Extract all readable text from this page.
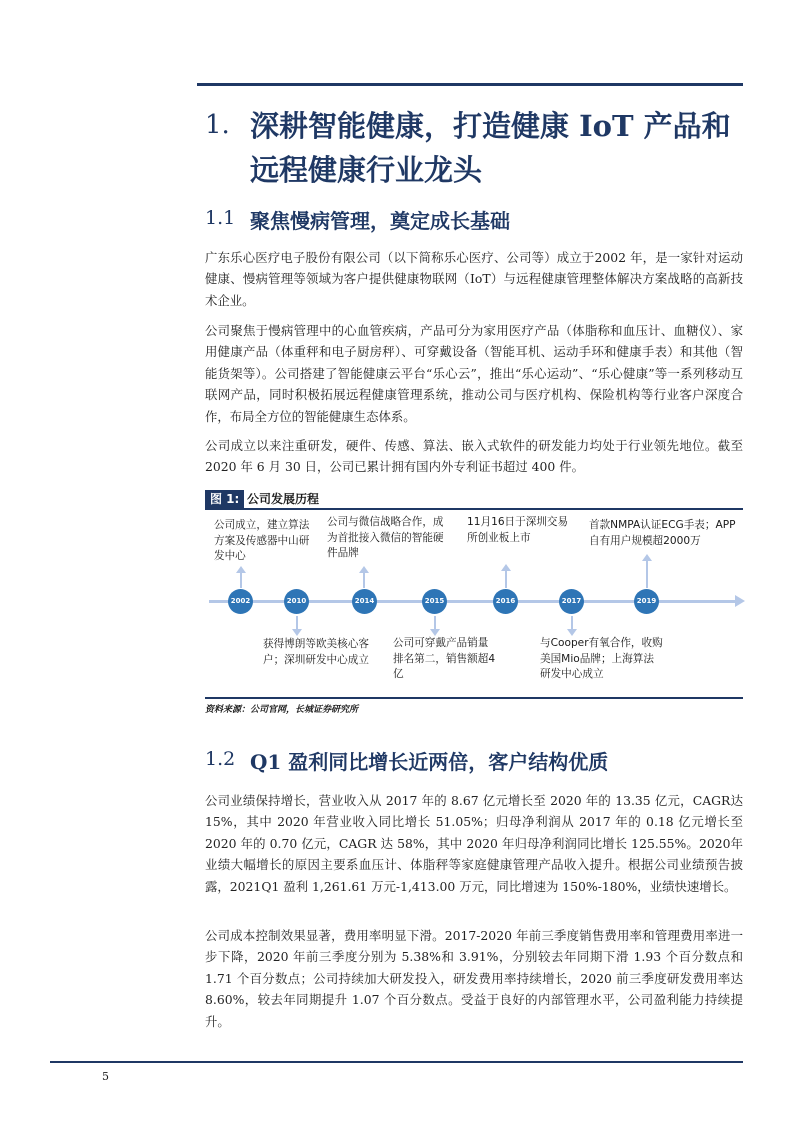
1. 深耕智能健康，打造健康 IoT 产品和远程健康行业龙头
1.1 聚焦慢病管理，奠定成长基础
广东乐心医疗电子股份有限公司（以下简称乐心医疗、公司等）成立于2002 年，是一家针对运动健康、慢病管理等领域为客户提供健康物联网（IoT）与远程健康管理整体解决方案战略的高新技术企业。
公司聚焦于慢病管理中的心血管疾病，产品可分为家用医疗产品（体脂称和血压计、血糖仪）、家用健康产品（体重秤和电子厨房秤）、可穿戴设备（智能耳机、运动手环和健康手表）和其他（智能货架等）。公司搭建了智能健康云平台“乐心云”，推出“乐心运动”、“乐心健康”等一系列移动互联网产品，同时积极拓展远程健康管理系统，推动公司与医疗机构、保险机构等行业客户深度合作，布局全方位的智能健康生态体系。
公司成立以来注重研发，硬件、传感、算法、嵌入式软件的研发能力均处于行业领先地位。截至 2020 年 6 月 30 日，公司已累计拥有国内外专利证书超过 400 件。
图 1: 公司发展历程
2002	2010	2014	2015	2016	2017	2019
公司成立，建立算法方案及传感器中山研发中心
公司与微信战略合作，成为首批接入微信的智能硬件品牌
11月16日于深圳交易所创业板上市
首款NMPA认证ECG手表；APP自有用户规模超2000万
获得博朗等欧美核心客户；深圳研发中心成立
公司可穿戴产品销量排名第二，销售额超4亿
与Cooper有氧合作，收购美国Mio品牌；上海算法研发中心成立
资料来源：公司官网，长城证券研究所
1.2 Q1 盈利同比增长近两倍，客户结构优质
公司业绩保持增长，营业收入从 2017 年的 8.67 亿元增长至 2020 年的 13.35 亿元，CAGR达 15%，其中 2020 年营业收入同比增长 51.05%；归母净利润从 2017 年的 0.18 亿元增长至 2020 年的 0.70 亿元，CAGR 达 58%，其中 2020 年归母净利润同比增长 125.55%。2020年业绩大幅增长的原因主要系血压计、体脂秤等家庭健康管理产品收入提升。根据公司业绩预告披露，2021Q1 盈利 1,261.61 万元-1,413.00 万元，同比增速为 150%-180%，业绩快速增长。
公司成本控制效果显著，费用率明显下滑。2017-2020 年前三季度销售费用率和管理费用率进一步下降，2020 年前三季度分别为 5.38%和 3.91%，分别较去年同期下滑 1.93 个百分数点和 1.71 个百分数点；公司持续加大研发投入，研发费用率持续增长，2020 前三季度研发费用率达 8.60%，较去年同期提升 1.07 个百分数点。受益于良好的内部管理水平，公司盈利能力持续提升。
5
